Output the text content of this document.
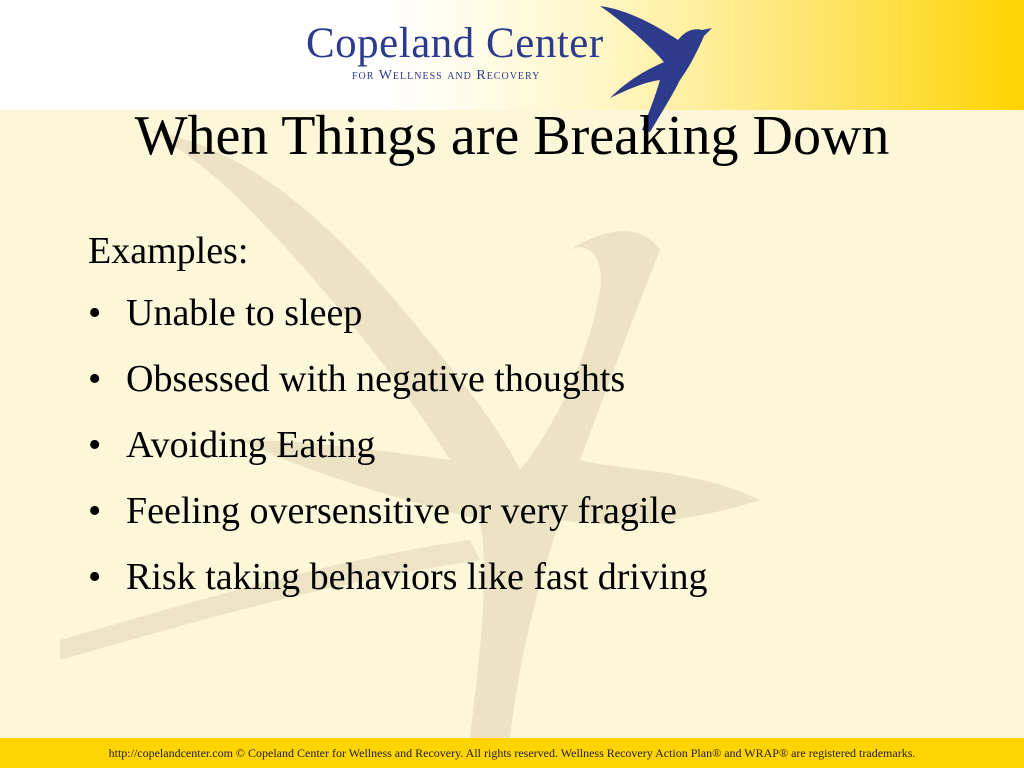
Copeland Center
for Wellness and Recovery
When Things are Breaking Down

Examples:

• Unable to sleep
• Obsessed with negative thoughts
• Avoiding Eating
• Feeling oversensitive or very fragile
• Risk taking behaviors like fast driving
http://copelandcenter.com © Copeland Center for Wellness and Recovery. All rights reserved. Wellness Recovery Action Plan® and WRAP® are registered trademarks.
